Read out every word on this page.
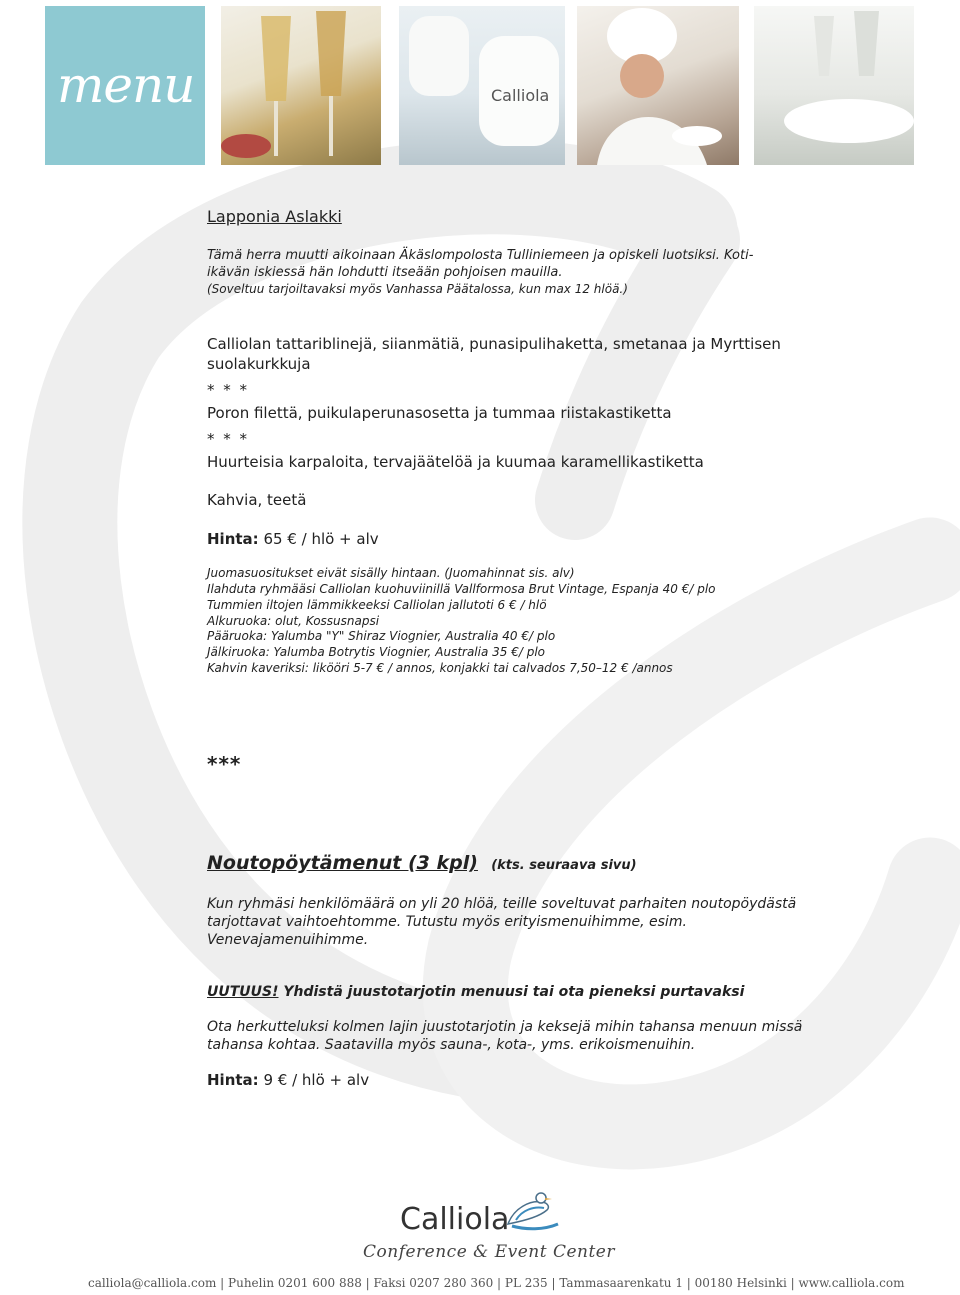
menu	Calliola
Lapponia Aslakki

Tämä herra muutti aikoinaan Äkäslompolosta Tulliniemeen ja opiskeli luotsiksi. Koti-

ikävän iskiessä hän lohdutti itseään pohjoisen mauilla.

(Soveltuu tarjoiltavaksi myös Vanhassa Päätalossa, kun max 12 hlöä.)

Calliolan tattariblinejä, siianmätiä, punasipulihaketta, smetanaa ja Myrttisen

suolakurkkuja

* * *

Poron filettä, puikulaperunasosetta ja tummaa riistakastiketta

* * *

Huurteisia karpaloita, tervajäätelöä ja kuumaa karamellikastiketta

Kahvia, teetä

Hinta: 65 € / hlö + alv

Juomasuositukset eivät sisälly hintaan. (Juomahinnat sis. alv)

Ilahduta ryhmääsi Calliolan kuohuviinillä Vallformosa Brut Vintage, Espanja 40 €/ plo

Tummien iltojen lämmikkeeksi Calliolan jallutoti 6 € / hlö

Alkuruoka: olut, Kossusnapsi

Pääruoka: Yalumba "Y" Shiraz Viognier, Australia 40 €/ plo

Jälkiruoka: Yalumba Botrytis Viognier, Australia 35 €/ plo

Kahvin kaveriksi: likööri 5-7 € / annos, konjakki tai calvados 7,50–12 € /annos

***

Noutopöytämenut (3 kpl) (kts. seuraava sivu)

Kun ryhmäsi henkilömäärä on yli 20 hlöä, teille soveltuvat parhaiten noutopöydästä

tarjottavat vaihtoehtomme. Tutustu myös erityismenuihimme, esim.

Venevajamenuihimme.

UUTUUS! Yhdistä juustotarjotin menuusi tai ota pieneksi purtavaksi

Ota herkutteluksi kolmen lajin juustotarjotin ja keksejä mihin tahansa menuun missä

tahansa kohtaa. Saatavilla myös sauna-, kota-, yms. erikoismenuihin.

Hinta: 9 € / hlö + alv

Calliola
Conference & Event Center
calliola@calliola.com | Puhelin 0201 600 888 | Faksi 0207 280 360 | PL 235 | Tammasaarenkatu 1 | 00180 Helsinki | www.calliola.com
